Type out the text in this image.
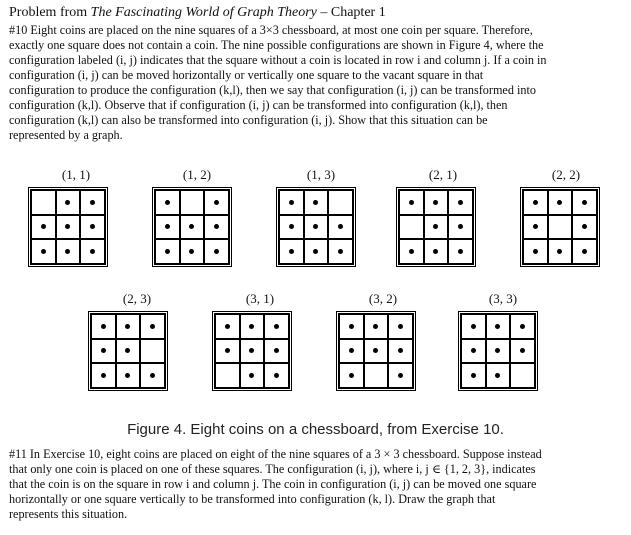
Problem from The Fascinating World of Graph Theory – Chapter 1
#10 Eight coins are placed on the nine squares of a 3×3 chessboard, at most one coin per square. Therefore,
exactly one square does not contain a coin. The nine possible configurations are shown in Figure 4, where the
configuration labeled (i, j) indicates that the square without a coin is located in row i and column j. If a coin in
configuration (i, j) can be moved horizontally or vertically one square to the vacant square in that
configuration to produce the configuration (k,l), then we say that configuration (i, j) can be transformed into
configuration (k,l). Observe that if configuration (i, j) can be transformed into configuration (k,l), then
configuration (k,l) can also be transformed into configuration (i, j). Show that this situation can be
represented by a graph.
(1, 1)	(1, 2)	(1, 3)	(2, 1)	(2, 2)
(2, 3)	(3, 1)	(3, 2)	(3, 3)
Figure 4. Eight coins on a chessboard, from Exercise 10.
#11 In Exercise 10, eight coins are placed on eight of the nine squares of a 3 × 3 chessboard. Suppose instead
that only one coin is placed on one of these squares. The configuration (i, j), where i, j ∈ {1, 2, 3}, indicates
that the coin is on the square in row i and column j. The coin in configuration (i, j) can be moved one square
horizontally or one square vertically to be transformed into configuration (k, l). Draw the graph that
represents this situation.
